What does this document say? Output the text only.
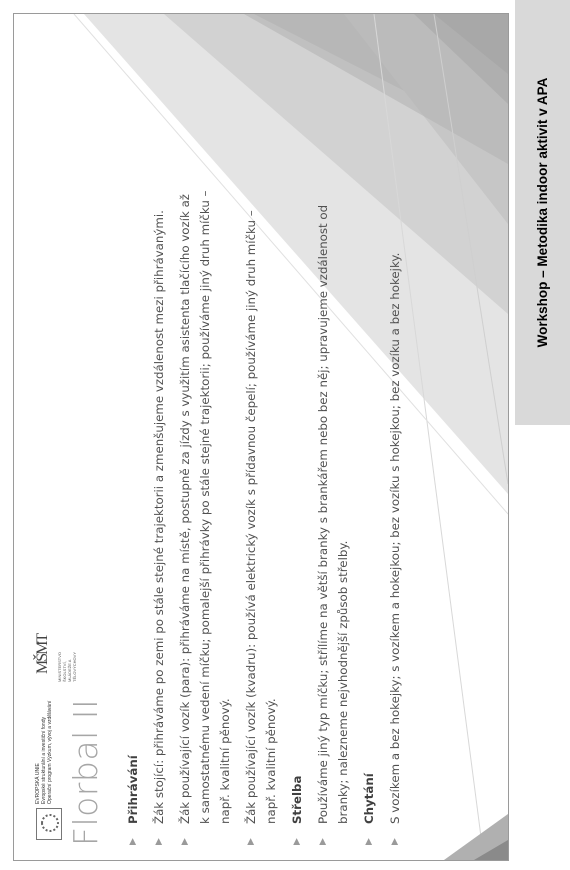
EVROPSKÁ UNIE Evropské strukturální a investiční fondy Operační program Výzkum, vývoj a vzdělávání
MŠMT MINISTERSTVO ŠKOLSTVÍ, MLÁDEŽE A TĚLOVÝCHOVY
Florbal II	▶
Přihrávání
▶
Žák stojící: přihráváme po zemi po stále stejné trajektorii a zmenšujeme vzdálenost mezi přihrávanými.
▶
Žák používající vozík (para): přihráváme na místě, postupně za jízdy s využitím asistenta tlačícího vozík až k samostatnému vedení míčku; pomalejší přihrávky po stále stejné trajektorii; používáme jiný druh míčku – např. kvalitní pěnový.
▶
Žák používající vozík (kvadru): používá elektrický vozík s přídavnou čepelí; používáme jiný druh míčku – např. kvalitní pěnový.
▶
Střelba
▶
Používáme jiný typ míčku; střílíme na větší branky s brankářem nebo bez něj; upravujeme vzdálenost od branky; nalezneme nejvhodnější způsob střelby.
▶
Chytání
▶
S vozíkem a bez hokejky; s vozíkem a hokejkou; bez vozíku s hokejkou; bez vozíku a bez hokejky.
Workshop – Metodika indoor aktivit v APA
